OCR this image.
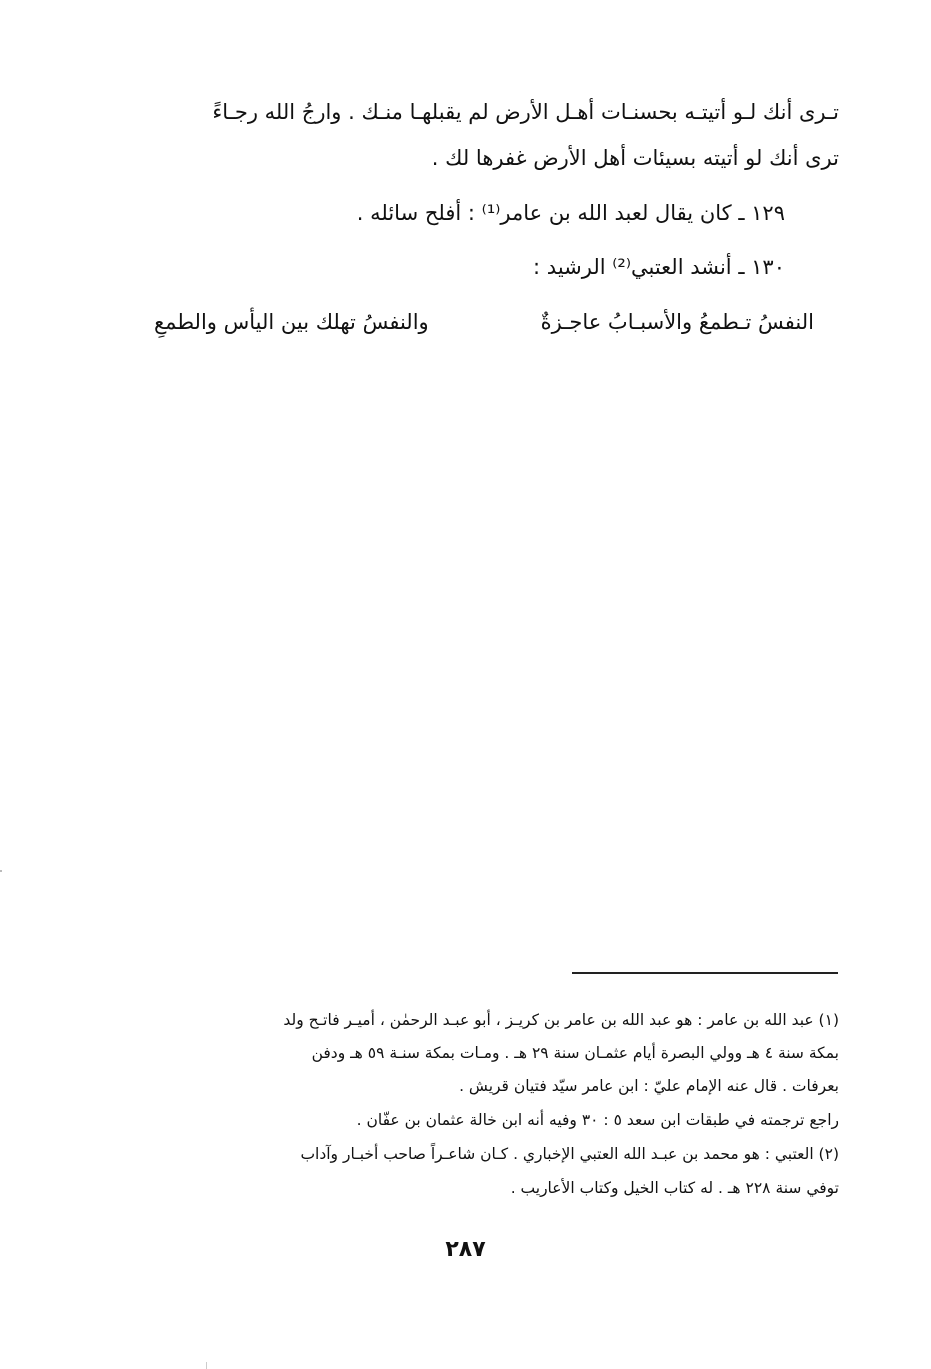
تـرى أنك لـو أتيتـه بحسنـات أهـل الأرض لم يقبلهـا منـك . وارجُ الله رجـاءً
ترى أنك لو أتيته بسيئات أهل الأرض غفرها لك .
١٢٩ ـ كان يقال لعبد الله بن عامر⁽¹⁾ : أفلح سائله .
١٣٠ ـ أنشد العتبي⁽²⁾ الرشيد :
النفسُ تـطمعُ والأسبـابُ عاجـزةٌ
والنفسُ تهلك بين اليأس والطمعِ
(١) عبد الله بن عامر : هو عبد الله بن عامر بن كريـز ، أبو عبـد الرحمٰن ، أميـر فاتـح ولد
بمكة سنة ٤ هـ وولي البصرة أيام عثمـان سنة ٢٩ هـ . ومـات بمكة سنـة ٥٩ هـ ودفن
بعرفات . قال عنه الإمام عليّ : ابن عامر سيّد فتيان قريش .
راجع ترجمته في طبقات ابن سعد ٥ : ٣٠ وفيه أنه ابن خالة عثمان بن عفّان .
(٢) العتبي : هو محمد بن عبـد الله العتبي الإخباري . كـان شاعـراً صاحب أخبـار وآداب
توفي سنة ٢٢٨ هـ . له كتاب الخيل وكتاب الأعاريب .
٢٨٧
